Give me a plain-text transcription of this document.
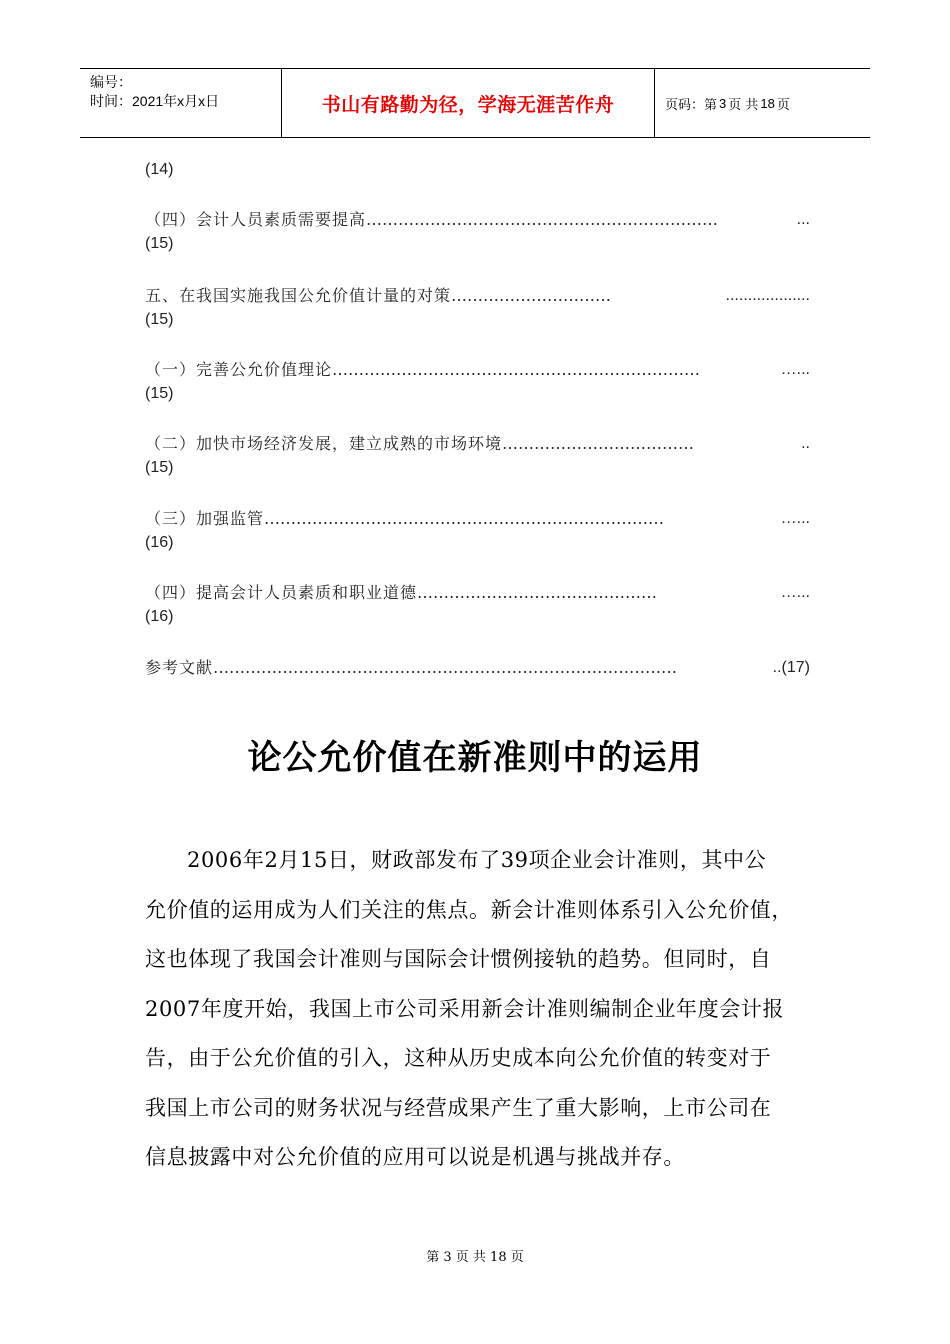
编号：
时间：2021年x月x日	书山有路勤为径，学海无涯苦作舟	页码：第 3 页 共 18 页
(14)
（四）会计人员素质需要提高…………………………………………………………	...
(15)
五、在我国实施我国公允价值计量的对策…………………………	...................
(15)
（一）完善公允价值理论……………………………………………………………	…...
(15)
（二）加快市场经济发展，建立成熟的市场环境………………………………	..
(15)
（三）加强监管…………………………………………………………………	…...
(16)
（四）提高会计人员素质和职业道德………………………………………	…...
(16)
参考文献……………………………………………………………………………	..(17)
论公允价值在新准则中的运用
2006年2月15日，财政部发布了39项企业会计准则，其中公
允价值的运用成为人们关注的焦点。新会计准则体系引入公允价值，
这也体现了我国会计准则与国际会计惯例接轨的趋势。但同时，自
2007年度开始，我国上市公司采用新会计准则编制企业年度会计报
告，由于公允价值的引入，这种从历史成本向公允价值的转变对于
我国上市公司的财务状况与经营成果产生了重大影响，上市公司在
信息披露中对公允价值的应用可以说是机遇与挑战并存。
第 3 页 共 18 页
